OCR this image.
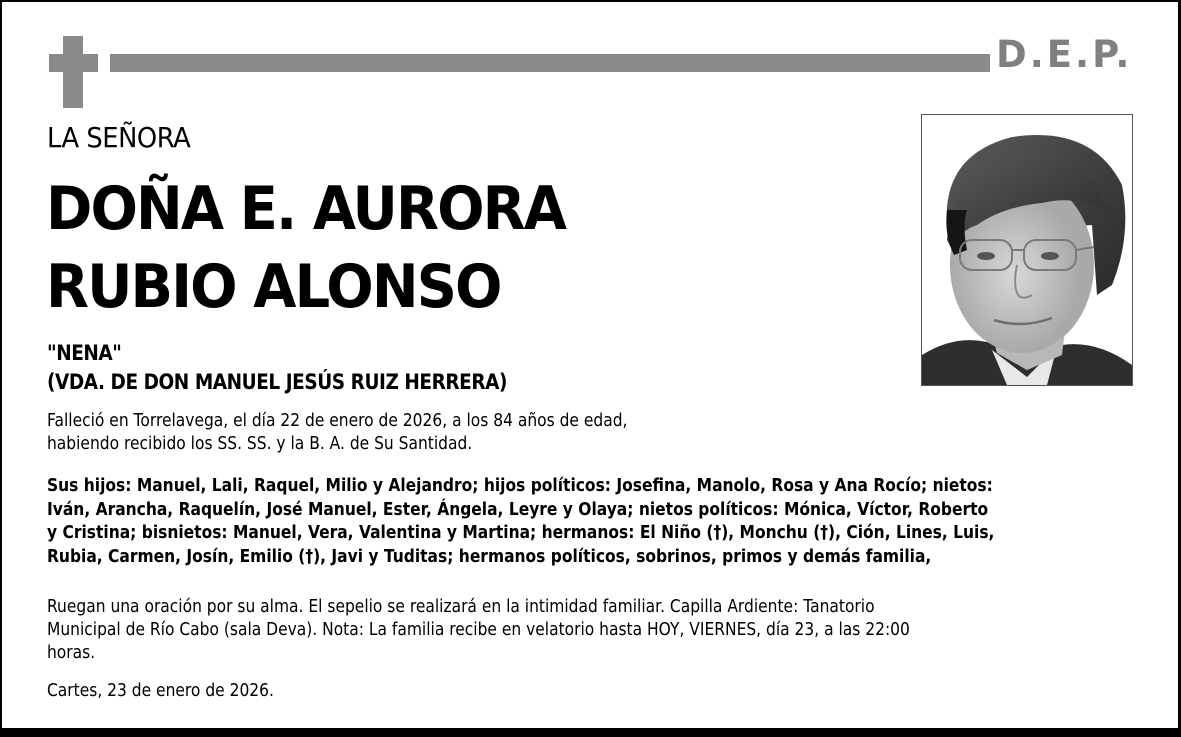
D.E.P.
LA SEÑORA
DOÑA E. AURORA
RUBIO ALONSO
"NENA"
(VDA. DE DON MANUEL JESÚS RUIZ HERRERA)
Falleció en Torrelavega, el día 22 de enero de 2026, a los 84 años de edad,
habiendo recibido los SS. SS. y la B. A. de Su Santidad.
Sus hijos: Manuel, Lali, Raquel, Milio y Alejandro; hijos políticos: Josefina, Manolo, Rosa y Ana Rocío; nietos:
Iván, Arancha, Raquelín, José Manuel, Ester, Ángela, Leyre y Olaya; nietos políticos: Mónica, Víctor, Roberto
y Cristina; bisnietos: Manuel, Vera, Valentina y Martina; hermanos: El Niño (†), Monchu (†), Ción, Lines, Luis,
Rubia, Carmen, Josín, Emilio (†), Javi y Tuditas; hermanos políticos, sobrinos, primos y demás familia,
Ruegan una oración por su alma. El sepelio se realizará en la intimidad familiar. Capilla Ardiente: Tanatorio
Municipal de Río Cabo (sala Deva). Nota: La familia recibe en velatorio hasta HOY, VIERNES, día 23, a las 22:00
horas.
Cartes, 23 de enero de 2026.
